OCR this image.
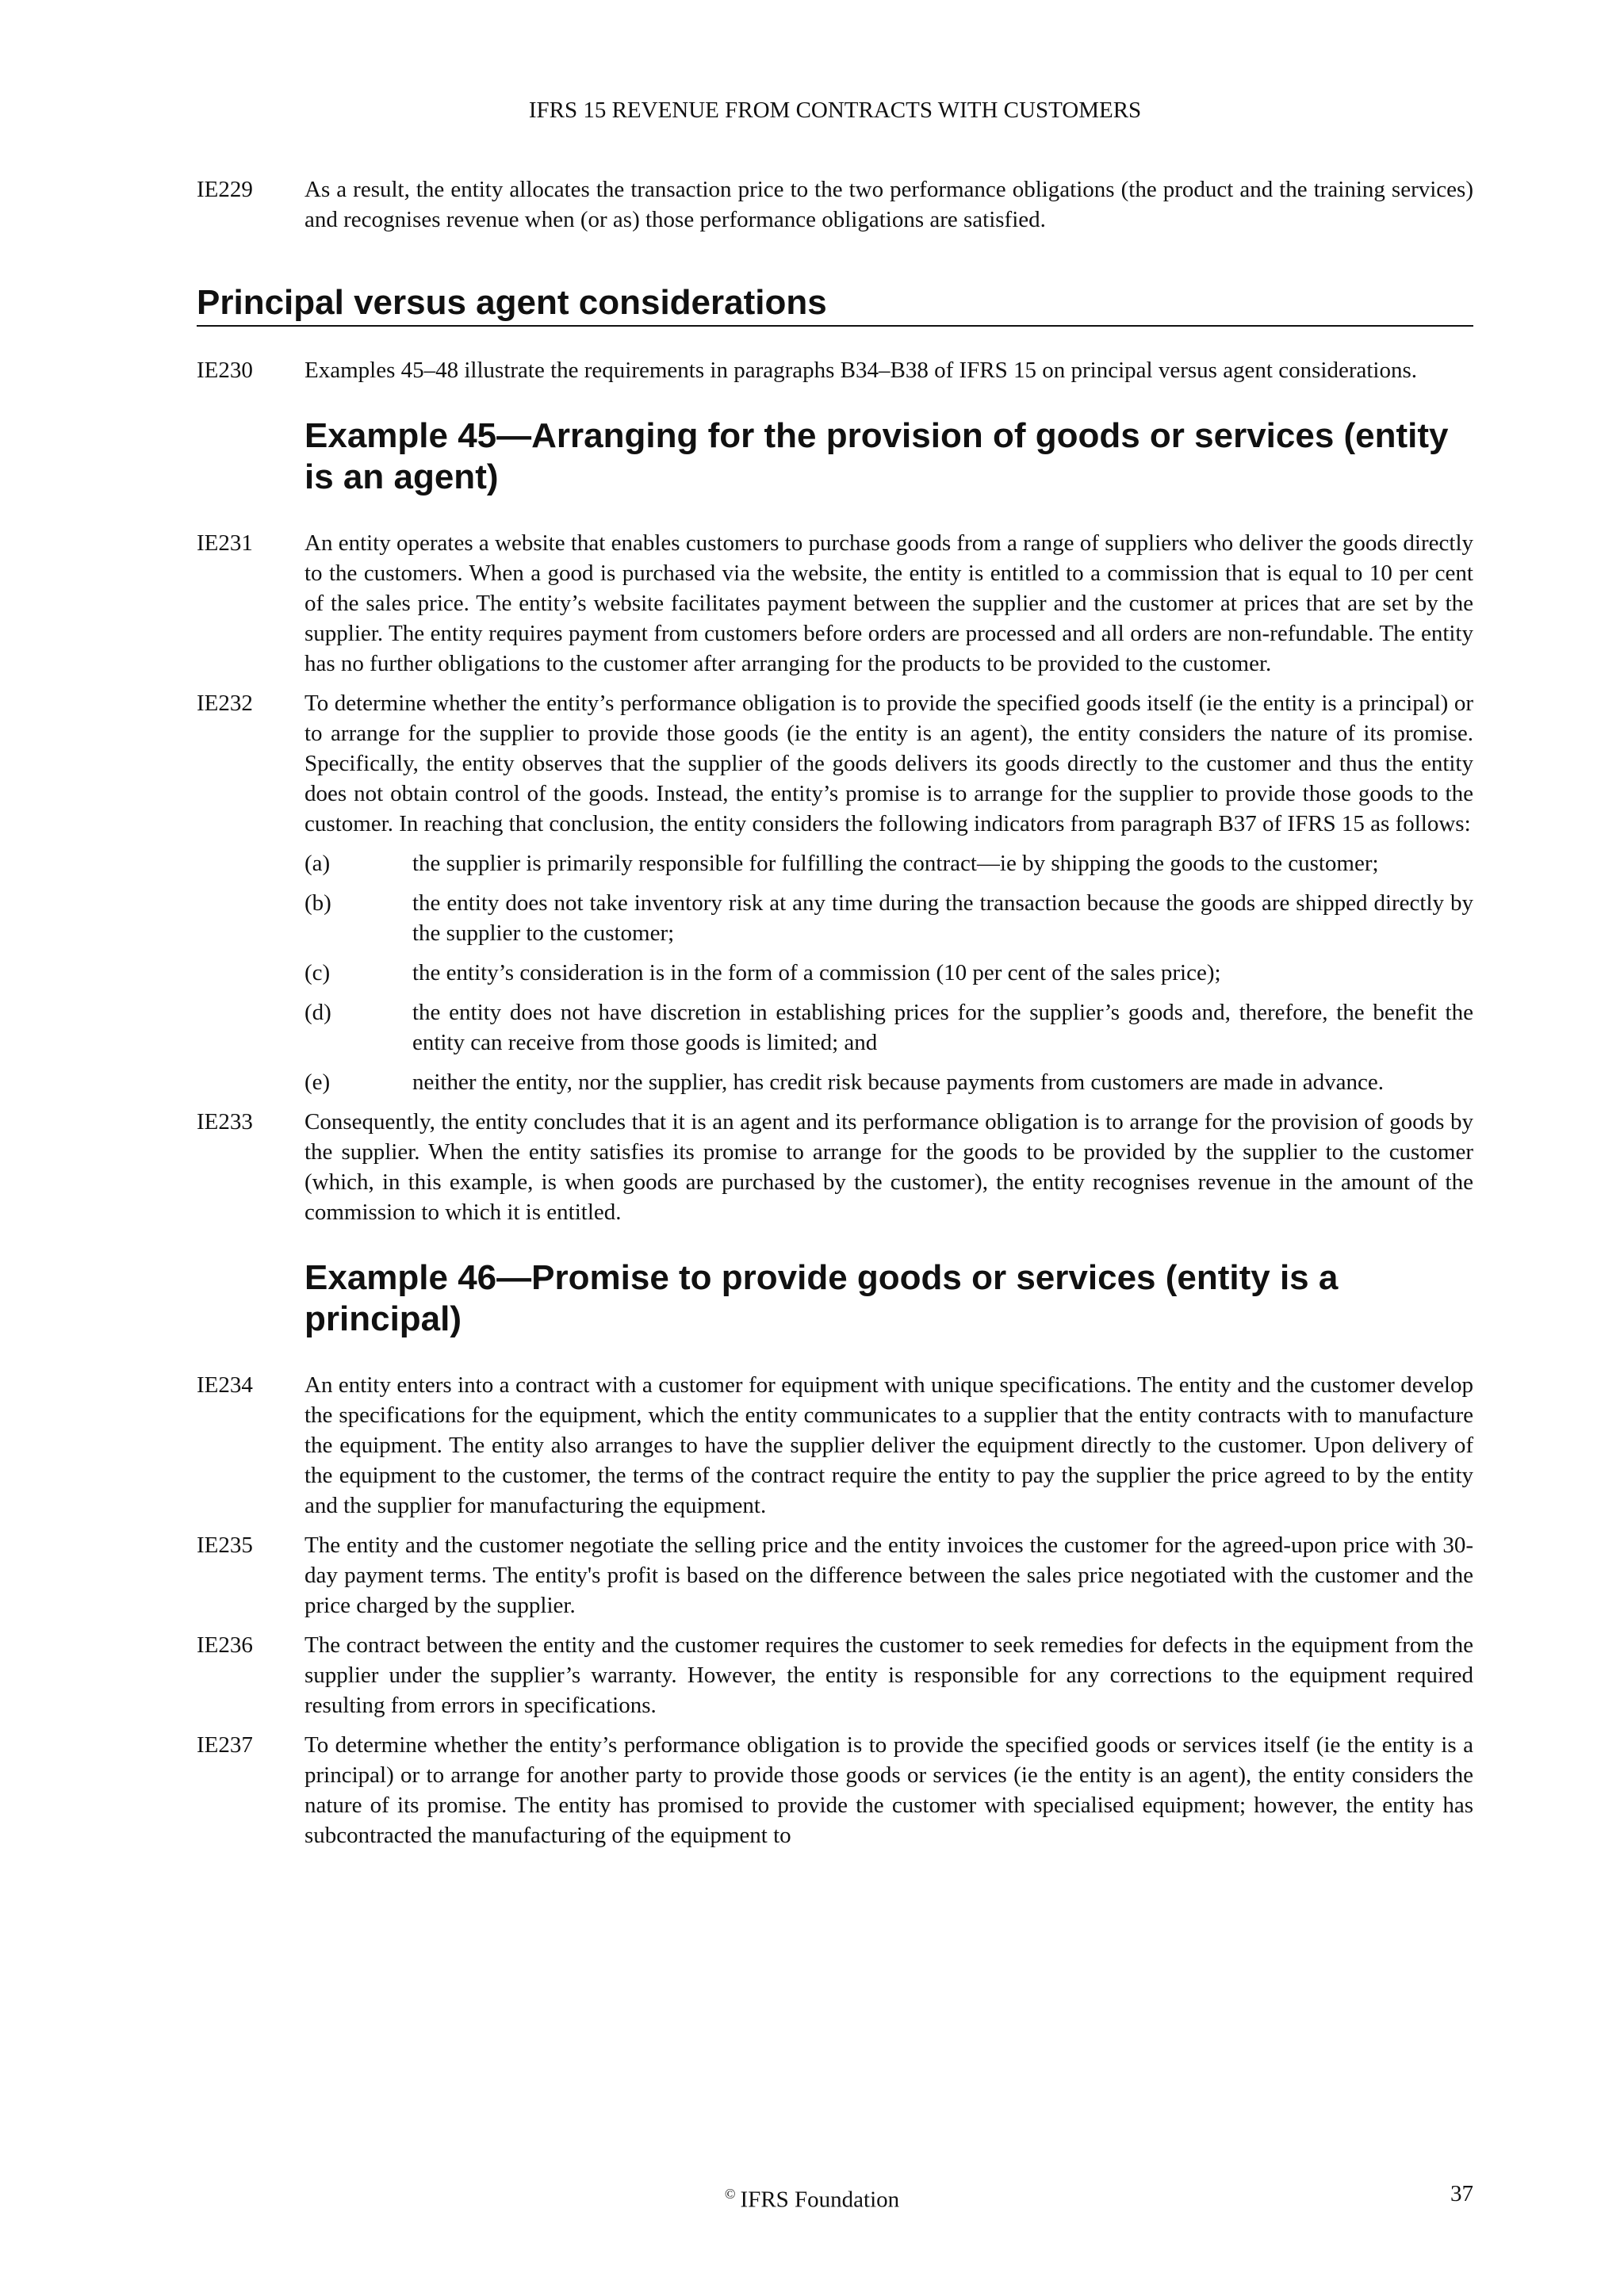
IFRS 15 REVENUE FROM CONTRACTS WITH CUSTOMERS
IE229	As a result, the entity allocates the transaction price to the two performance obligations (the product and the training services) and recognises revenue when (or as) those performance obligations are satisfied.
Principal versus agent considerations
IE230	Examples 45–48 illustrate the requirements in paragraphs B34–B38 of IFRS 15 on principal versus agent considerations.
Example 45—Arranging for the provision of goods or services (entity is an agent)
IE231	An entity operates a website that enables customers to purchase goods from a range of suppliers who deliver the goods directly to the customers. When a good is purchased via the website, the entity is entitled to a commission that is equal to 10 per cent of the sales price. The entity’s website facilitates payment between the supplier and the customer at prices that are set by the supplier. The entity requires payment from customers before orders are processed and all orders are non-refundable. The entity has no further obligations to the customer after arranging for the products to be provided to the customer.
IE232	To determine whether the entity’s performance obligation is to provide the specified goods itself (ie the entity is a principal) or to arrange for the supplier to provide those goods (ie the entity is an agent), the entity considers the nature of its promise. Specifically, the entity observes that the supplier of the goods delivers its goods directly to the customer and thus the entity does not obtain control of the goods. Instead, the entity’s promise is to arrange for the supplier to provide those goods to the customer. In reaching that conclusion, the entity considers the following indicators from paragraph B37 of IFRS 15 as follows:
(a)	the supplier is primarily responsible for fulfilling the contract—ie by shipping the goods to the customer;
(b)	the entity does not take inventory risk at any time during the transaction because the goods are shipped directly by the supplier to the customer;
(c)	the entity’s consideration is in the form of a commission (10 per cent of the sales price);
(d)	the entity does not have discretion in establishing prices for the supplier’s goods and, therefore, the benefit the entity can receive from those goods is limited; and
(e)	neither the entity, nor the supplier, has credit risk because payments from customers are made in advance.
IE233	Consequently, the entity concludes that it is an agent and its performance obligation is to arrange for the provision of goods by the supplier. When the entity satisfies its promise to arrange for the goods to be provided by the supplier to the customer (which, in this example, is when goods are purchased by the customer), the entity recognises revenue in the amount of the commission to which it is entitled.
Example 46—Promise to provide goods or services (entity is a principal)
IE234	An entity enters into a contract with a customer for equipment with unique specifications. The entity and the customer develop the specifications for the equipment, which the entity communicates to a supplier that the entity contracts with to manufacture the equipment. The entity also arranges to have the supplier deliver the equipment directly to the customer. Upon delivery of the equipment to the customer, the terms of the contract require the entity to pay the supplier the price agreed to by the entity and the supplier for manufacturing the equipment.
IE235	The entity and the customer negotiate the selling price and the entity invoices the customer for the agreed-upon price with 30-day payment terms. The entity's profit is based on the difference between the sales price negotiated with the customer and the price charged by the supplier.
IE236	The contract between the entity and the customer requires the customer to seek remedies for defects in the equipment from the supplier under the supplier’s warranty. However, the entity is responsible for any corrections to the equipment required resulting from errors in specifications.
IE237	To determine whether the entity’s performance obligation is to provide the specified goods or services itself (ie the entity is a principal) or to arrange for another party to provide those goods or services (ie the entity is an agent), the entity considers the nature of its promise. The entity has promised to provide the customer with specialised equipment; however, the entity has subcontracted the manufacturing of the equipment to
© IFRS Foundation	37
